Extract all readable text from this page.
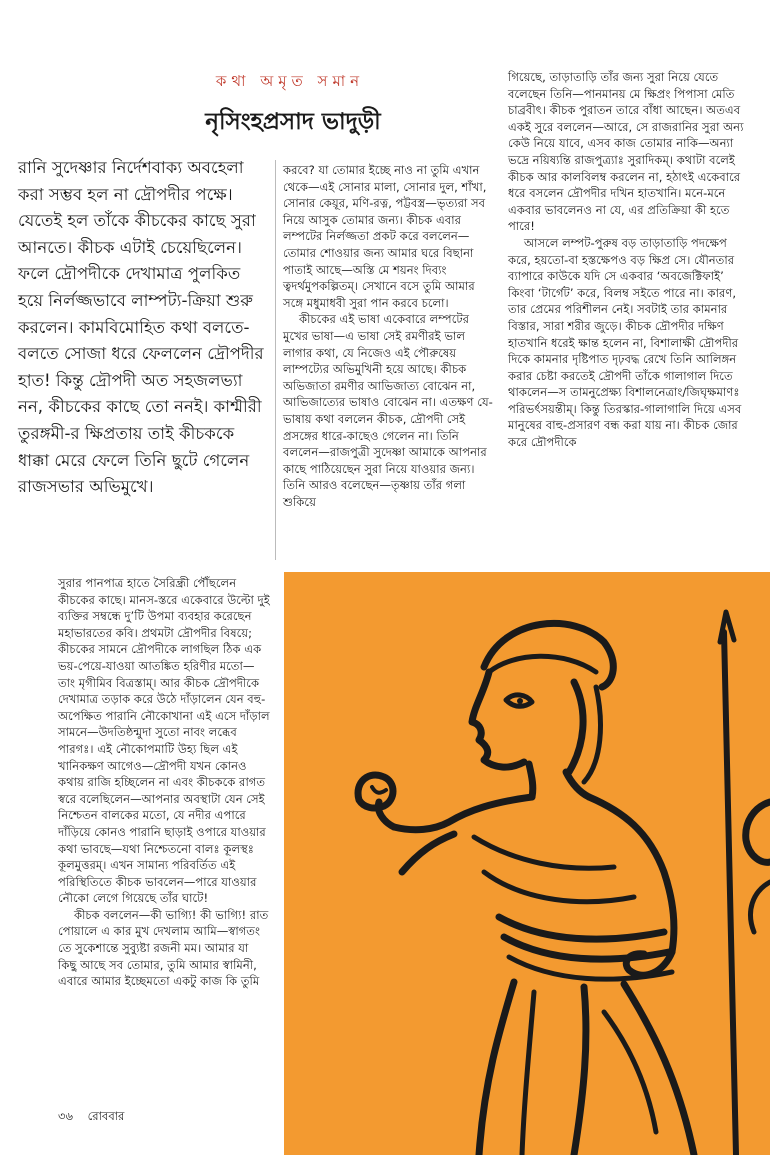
কথা অমৃত সমান
নৃসিংহপ্রসাদ ভাদুড়ী

রানি সুদেষ্ণার নির্দেশবাক্য অবহেলা করা সম্ভব হল না দ্রৌপদীর পক্ষে। যেতেই হল তাঁকে কীচকের কাছে সুরা আনতে। কীচক এটাই চেয়েছিলেন। ফলে দ্রৌপদীকে দেখামাত্র পুলকিত হয়ে নির্লজ্জভাবে লাম্পট্য-ক্রিয়া শুরু করলেন। কামবিমোহিত কথা বলতে-বলতে সোজা ধরে ফেললেন দ্রৌপদীর হাত! কিন্তু দ্রৌপদী অত সহজলভ্যা নন, কীচকের কাছে তো ননই। কাশ্মীরী তুরঙ্গমী-র ক্ষিপ্রতায় তাই কীচককে ধাক্কা মেরে ফেলে তিনি ছুটে গেলেন রাজসভার অভিমুখে।

করবে? যা তোমার ইচ্ছে নাও না তুমি এখান থেকে—এই সোনার মালা, সোনার দুল, শাঁখা, সোনার কেয়ূর, মণি-রত্ন, পট্টবস্ত্র—ভৃত্যরা সব নিয়ে আসুক তোমার জন্য। কীচক এবার লম্পটের নির্লজ্জতা প্রকট করে বললেন—তোমার শোওয়ার জন্য আমার ঘরে বিছানা পাতাই আছে—অস্তি মে শয়নং দিব্যং ত্বদর্থমুপকল্পিতম্। সেখানে বসে তুমি আমার সঙ্গে মধুমাধবী সুরা পান করবে চলো।

কীচকের এই ভাষা একেবারে লম্পটের মুখের ভাষা—এ ভাষা সেই রমণীরই ভাল লাগার কথা, যে নিজেও এই পৌরুষেয় লাম্পট্যের অভিমুখিনী হয়ে আছে। কীচক অভিজাতা রমণীর আভিজাত্য বোঝেন না, আভিজাত্যের ভাষাও বোঝেন না। এতক্ষণ যে-ভাষায় কথা বললেন কীচক, দ্রৌপদী সেই প্রসঙ্গের ধারে-কাছেও গেলেন না। তিনি বললেন—রাজপুত্রী সুদেষ্ণা আমাকে আপনার কাছে পাঠিয়েছেন সুরা নিয়ে যাওয়ার জন্য। তিনি আরও বলেছেন—তৃষ্ণায় তাঁর গলা শুকিয়ে

গিয়েছে, তাড়াতাড়ি তাঁর জন্য সুরা নিয়ে যেতে বলেছেন তিনি—পানমানয় মে ক্ষিপ্রং পিপাসা মেতি চাব্রবীৎ। কীচক পুরাতন তারে বাঁধা আছেন। অতএব একই সুরে বললেন—আরে, সে রাজরানির সুরা অন্য কেউ নিয়ে যাবে, এসব কাজ তোমার নাকি—অন্যা ভদ্রে নয়িষ্যন্তি রাজপুত্র্যাঃ সুরাদিকম্। কথাটা বলেই কীচক আর কালবিলম্ব করলেন না, হঠাৎই একেবারে ধরে বসলেন দ্রৌপদীর দখিন হাতখানি। মনে-মনে একবার ভাবলেনও না যে, এর প্রতিক্রিয়া কী হতে পারে!

আসলে লম্পট-পুরুষ বড় তাড়াতাড়ি পদক্ষেপ করে, হয়তো-বা হস্তক্ষেপও বড় ক্ষিপ্র সে। যৌনতার ব্যাপারে কাউকে যদি সে একবার ‘অবজেক্টিফাই’ কিংবা ‘টার্গেট’ করে, বিলম্ব সইতে পারে না। কারণ, তার প্রেমের পরিশীলন নেই। সবটাই তার কামনার বিস্তার, সারা শরীর জুড়ে। কীচক দ্রৌপদীর দক্ষিণ হাতখানি ধরেই ক্ষান্ত হলেন না, বিশালাক্ষী দ্রৌপদীর দিকে কামনার দৃষ্টিপাত দৃঢ়বদ্ধ রেখে তিনি আলিঙ্গন করার চেষ্টা করতেই দ্রৌপদী তাঁকে গালাগাল দিতে থাকলেন—স তামনুপ্রেক্ষ্য বিশালনেত্রাং/জিঘৃক্ষমাণঃ পরিভর্ৎসয়ন্তীম্। কিন্তু তিরস্কার-গালাগালি দিয়ে এসব মানুষের বাহু-প্রসারণ বন্ধ করা যায় না। কীচক জোর করে দ্রৌপদীকে

সুরার পানপাত্র হাতে সৈরিন্ধ্রী পৌঁছলেন কীচকের কাছে। মানস-স্তরে একেবারে উল্টো দুই ব্যক্তির সম্বন্ধে দু’টি উপমা ব্যবহার করেছেন মহাভারতের কবি। প্রথমটা দ্রৌপদীর বিষয়ে; কীচকের সামনে দ্রৌপদীকে লাগছিল ঠিক এক ভয়-পেয়ে-যাওয়া আতঙ্কিত হরিণীর মতো—তাং মৃগীমিব বিত্রস্তাম্। আর কীচক দ্রৌপদীকে দেখামাত্র তড়াক করে উঠে দাঁড়ালেন যেন বহু-অপেক্ষিত পারানি নৌকোখানা এই এসে দাঁড়াল সামনে—উদতিষ্ঠন্মুদা সুতো নাবং লব্ধেব পারগঃ। এই নৌকোপমাটি উহ্য ছিল এই খানিকক্ষণ আগেও—দ্রৌপদী যখন কোনও কথায় রাজি হচ্ছিলেন না এবং কীচককে রাগত স্বরে বলেছিলেন—আপনার অবস্থাটা যেন সেই নিশ্চেতন বালকের মতো, যে নদীর এপারে দাঁড়িয়ে কোনও পারানি ছাড়াই ওপারে যাওয়ার কথা ভাবছে—যথা নিশ্চেতনো বালঃ কূলস্থঃ কূলমুত্তরম্। এখন সামান্য পরিবর্তিত এই পরিস্থিতিতে কীচক ভাবলেন—পারে যাওয়ার নৌকো লেগে গিয়েছে তাঁর ঘাটে!

কীচক বললেন—কী ভাগ্যি! কী ভাগ্যি! রাত পোয়ালে এ কার মুখ দেখলাম আমি—স্বাগতং তে সুকেশান্তে সুব্যুষ্টা রজনী মম। আমার যা কিছু আছে সব তোমার, তুমি আমার স্বামিনী, এবারে আমার ইচ্ছেমতো একটু কাজ কি তুমি

৩৬ রোববার
